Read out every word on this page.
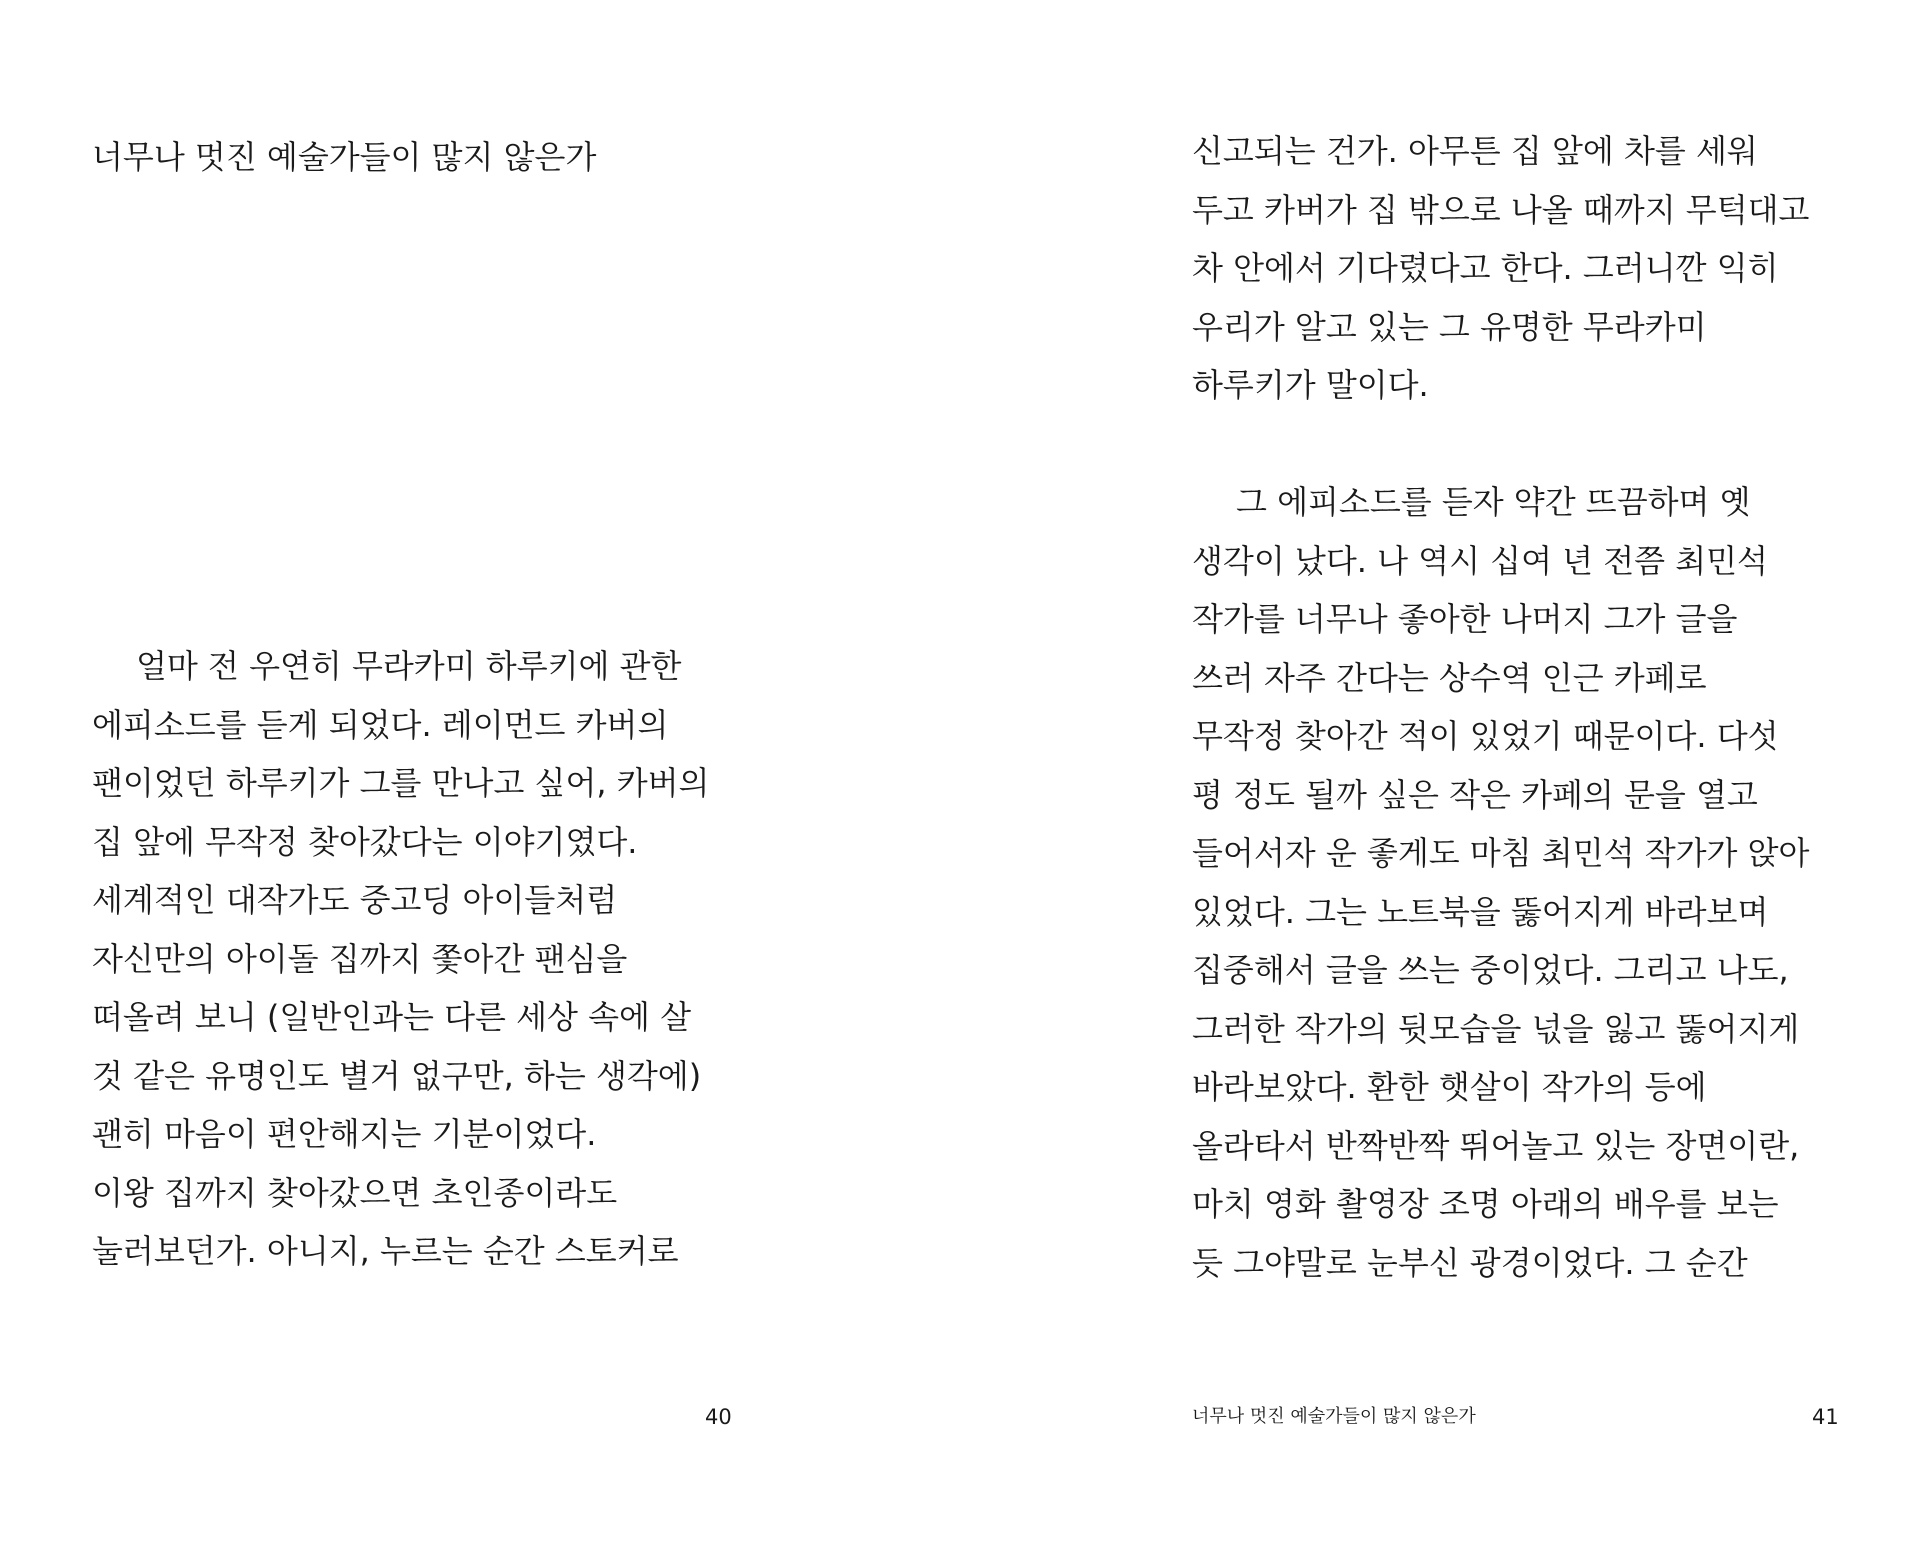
너무나 멋진 예술가들이 많지 않은가
얼마 전 우연히 무라카미 하루키에 관한
에피소드를 듣게 되었다. 레이먼드 카버의
팬이었던 하루키가 그를 만나고 싶어, 카버의
집 앞에 무작정 찾아갔다는 이야기였다.
세계적인 대작가도 중고딩 아이들처럼
자신만의 아이돌 집까지 쫓아간 팬심을
떠올려 보니 (일반인과는 다른 세상 속에 살
것 같은 유명인도 별거 없구만, 하는 생각에)
괜히 마음이 편안해지는 기분이었다.
이왕 집까지 찾아갔으면 초인종이라도
눌러보던가. 아니지, 누르는 순간 스토커로
40
신고되는 건가. 아무튼 집 앞에 차를 세워
두고 카버가 집 밖으로 나올 때까지 무턱대고
차 안에서 기다렸다고 한다. 그러니깐 익히
우리가 알고 있는 그 유명한 무라카미
하루키가 말이다.
그 에피소드를 듣자 약간 뜨끔하며 옛
생각이 났다. 나 역시 십여 년 전쯤 최민석
작가를 너무나 좋아한 나머지 그가 글을
쓰러 자주 간다는 상수역 인근 카페로
무작정 찾아간 적이 있었기 때문이다. 다섯
평 정도 될까 싶은 작은 카페의 문을 열고
들어서자 운 좋게도 마침 최민석 작가가 앉아
있었다. 그는 노트북을 뚫어지게 바라보며
집중해서 글을 쓰는 중이었다. 그리고 나도,
그러한 작가의 뒷모습을 넋을 잃고 뚫어지게
바라보았다. 환한 햇살이 작가의 등에
올라타서 반짝반짝 뛰어놀고 있는 장면이란,
마치 영화 촬영장 조명 아래의 배우를 보는
듯 그야말로 눈부신 광경이었다. 그 순간
너무나 멋진 예술가들이 많지 않은가	41
